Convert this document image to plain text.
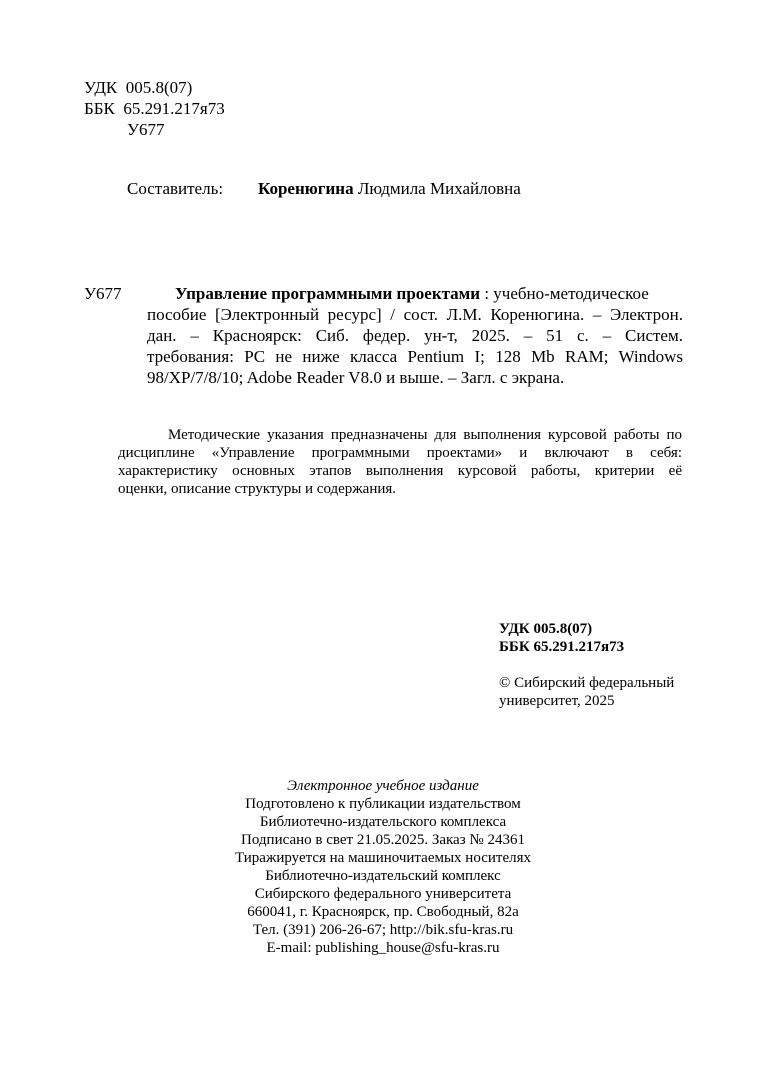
УДК 005.8(07)
ББК 65.291.217я73
У677
Составитель: Коренюгина Людмила Михайловна
У677	Управление программными проектами : учебно-методическое
пособие [Электронный ресурс] / сост. Л.М. Коренюгина. – Электрон.
дан. – Красноярск: Сиб. федер. ун-т, 2025. – 51 с. – Систем.
требования: PC не ниже класса Pentium I; 128 Mb RAM; Windows
98/XP/7/8/10; Adobe Reader V8.0 и выше. – Загл. с экрана.
Методические указания предназначены для выполнения курсовой работы по
дисциплине «Управление программными проектами» и включают в себя:
характеристику основных этапов выполнения курсовой работы, критерии её
оценки, описание структуры и содержания.
УДК 005.8(07)
ББК 65.291.217я73
© Сибирский федеральный
университет, 2025
Электронное учебное издание
Подготовлено к публикации издательством
Библиотечно-издательского комплекса
Подписано в свет 21.05.2025. Заказ № 24361
Тиражируется на машиночитаемых носителях
Библиотечно-издательский комплекс
Сибирского федерального университета
660041, г. Красноярск, пр. Свободный, 82а
Тел. (391) 206-26-67; http://bik.sfu-kras.ru
E-mail: publishing_house@sfu-kras.ru
